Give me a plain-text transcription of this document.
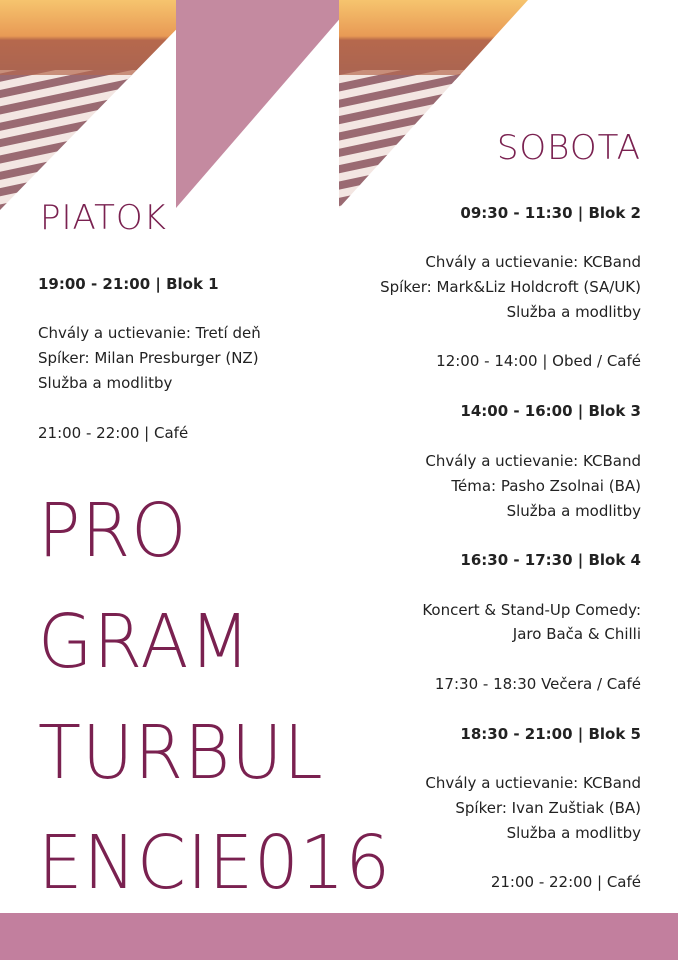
PIATOK
19:00 - 21:00 | Blok 1
Chvály a uctievanie: Tretí deň
Spíker: Milan Presburger (NZ)
Služba a modlitby
21:00 - 22:00 | Café
SOBOTA
09:30 - 11:30 | Blok 2
Chvály a uctievanie: KCBand
Spíker: Mark&Liz Holdcroft (SA/UK)
Služba a modlitby
12:00 - 14:00 | Obed / Café
14:00 - 16:00 | Blok 3
Chvály a uctievanie: KCBand
Téma: Pasho Zsolnai (BA)
Služba a modlitby
16:30 - 17:30 | Blok 4
Koncert & Stand-Up Comedy:
Jaro Bača & Chilli
17:30 - 18:30 Večera / Café
18:30 - 21:00 | Blok 5
Chvály a uctievanie: KCBand
Spíker: Ivan Zuštiak (BA)
Služba a modlitby
21:00 - 22:00 | Café
PRO
GRAM
TURBUL
ENCIE016
